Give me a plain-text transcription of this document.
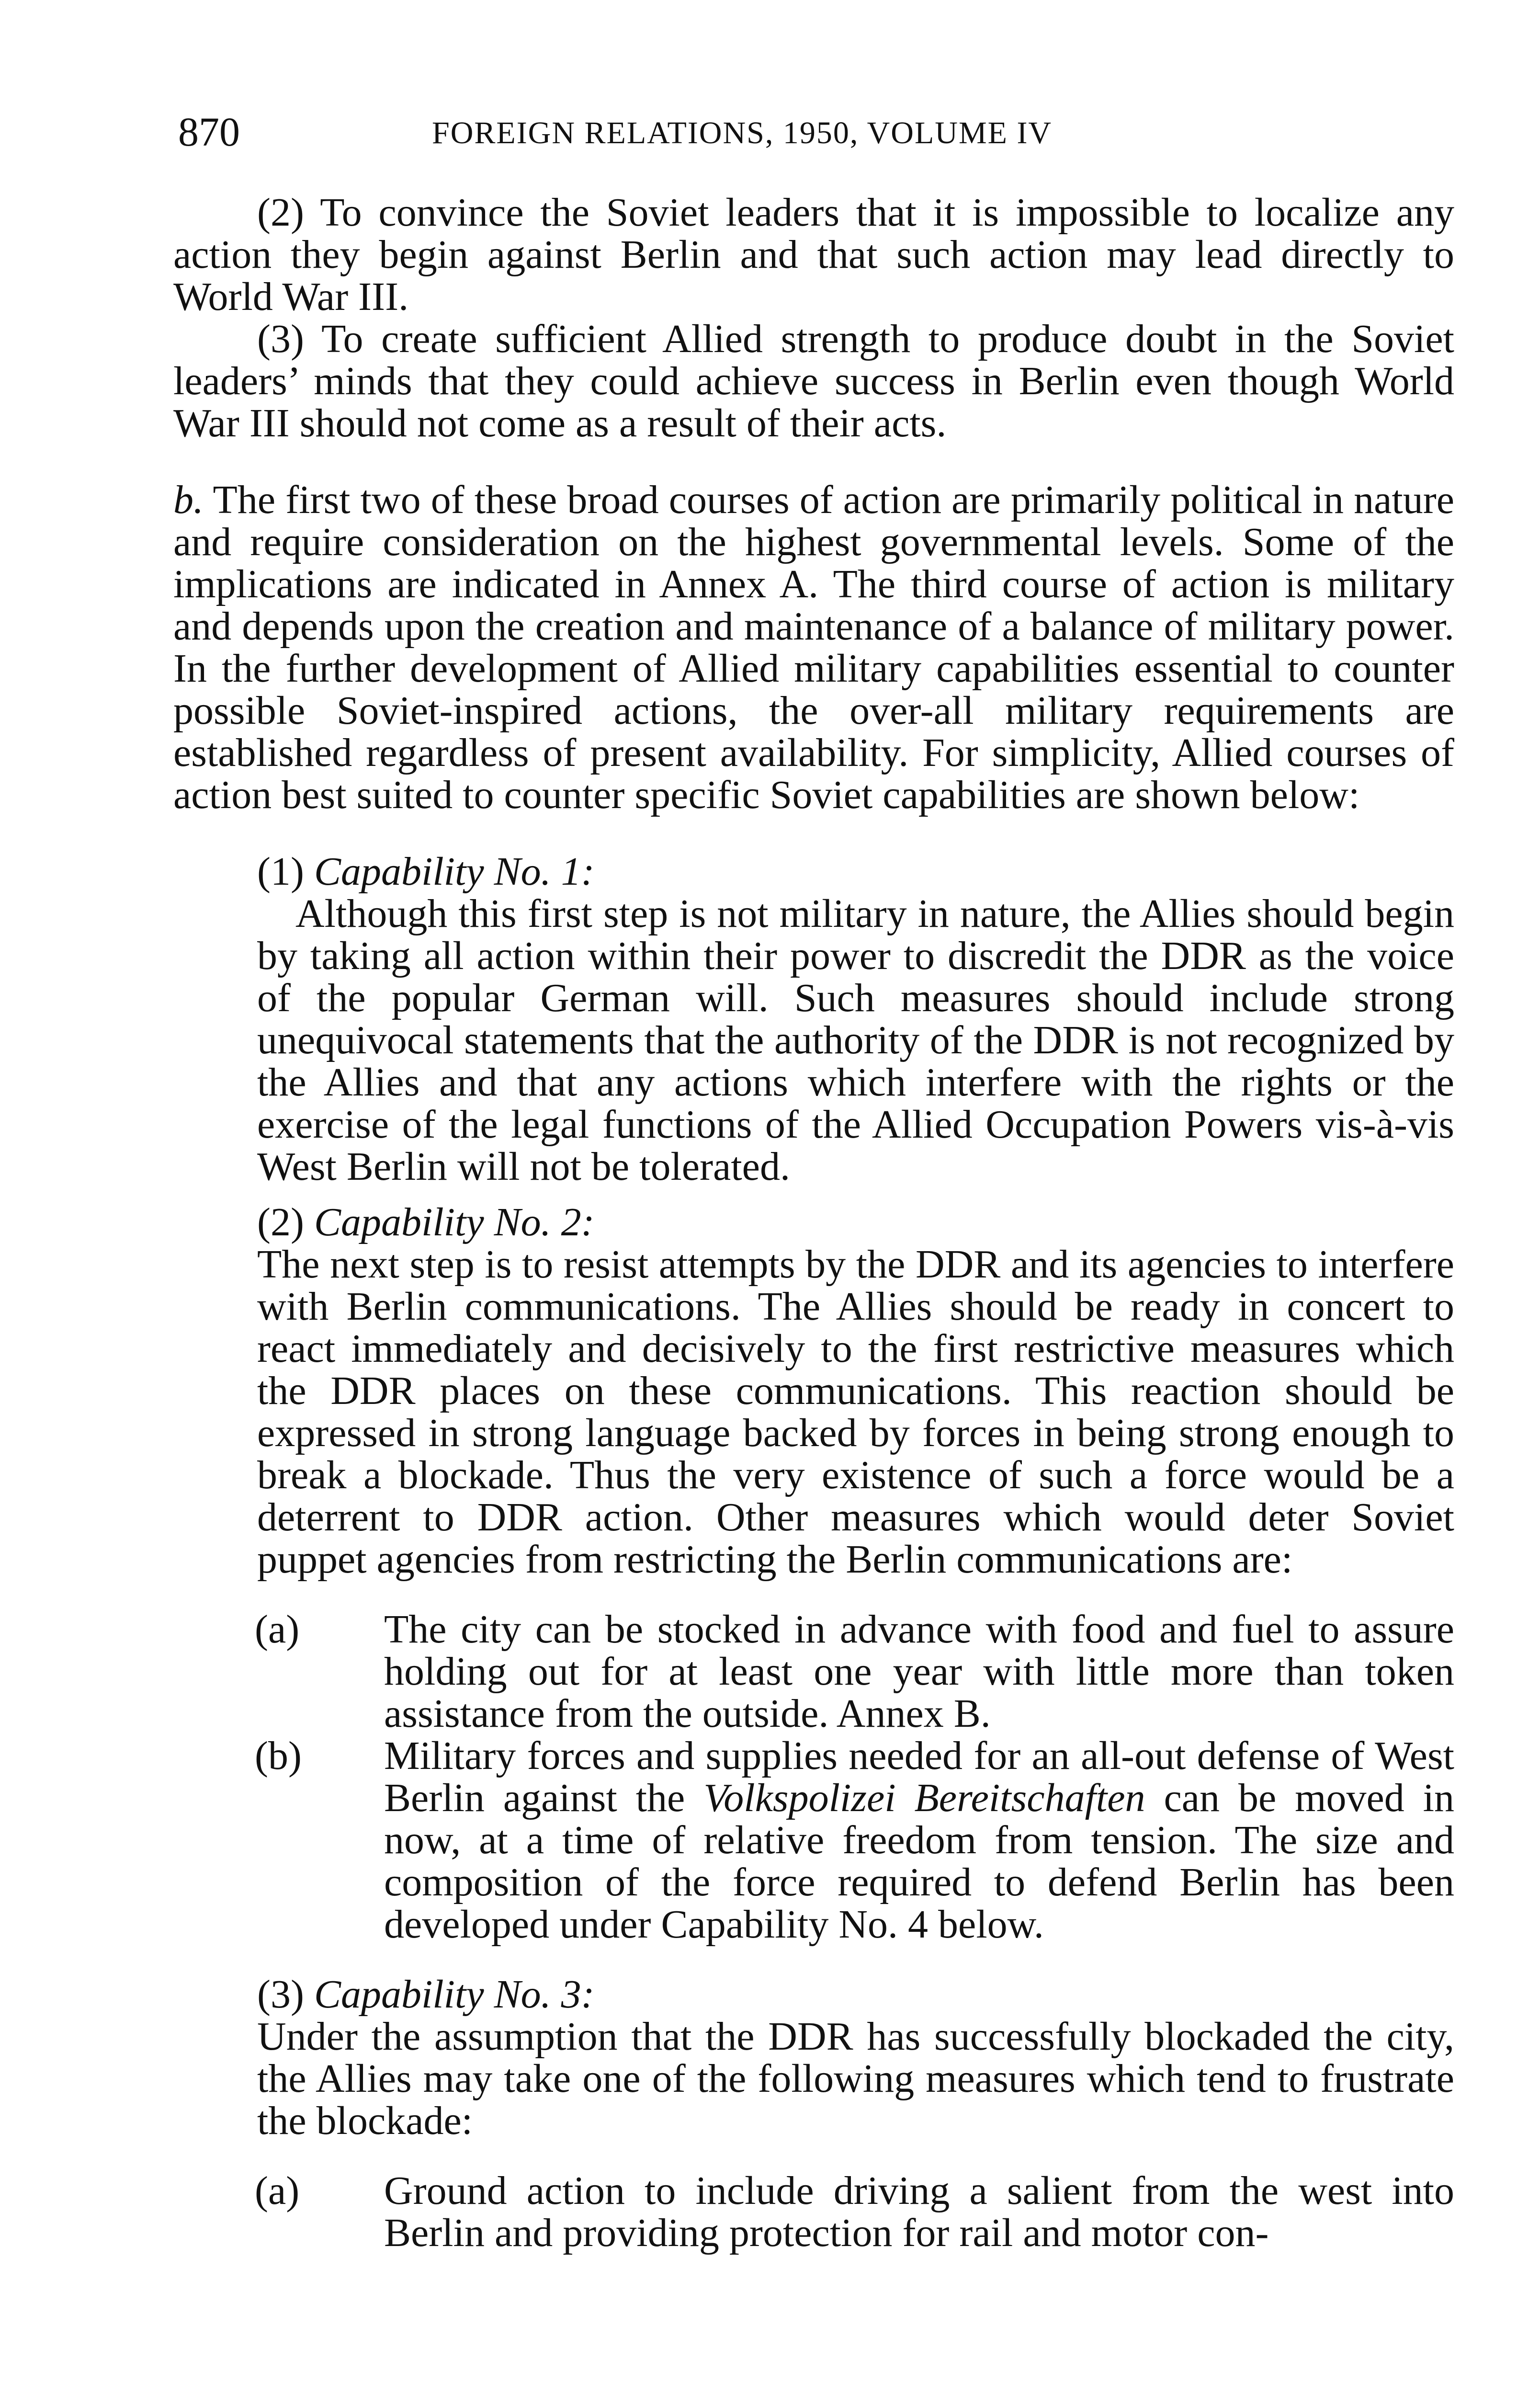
870	FOREIGN RELATIONS, 1950, VOLUME IV

(2) To convince the Soviet leaders that it is impossible to localize any action they begin against Berlin and that such action may lead directly to World War III.

(3) To create sufficient Allied strength to produce doubt in the Soviet leaders’ minds that they could achieve success in Berlin even though World War III should not come as a result of their acts.

b. The first two of these broad courses of action are primarily political in nature and require consideration on the highest governmental levels. Some of the implications are indicated in Annex A. The third course of action is military and depends upon the creation and maintenance of a balance of military power. In the further development of Allied military capabilities essential to counter possible Soviet-inspired actions, the over-all military requirements are established regardless of present availability. For simplicity, Allied courses of action best suited to counter specific Soviet capabilities are shown below:

(1) Capability No. 1:

Although this first step is not military in nature, the Allies should begin by taking all action within their power to discredit the DDR as the voice of the popular German will. Such measures should include strong unequivocal statements that the authority of the DDR is not recognized by the Allies and that any actions which interfere with the rights or the exercise of the legal functions of the Allied Occupation Powers vis-à-vis West Berlin will not be tolerated.

(2) Capability No. 2:

The next step is to resist attempts by the DDR and its agencies to interfere with Berlin communications. The Allies should be ready in concert to react immediately and decisively to the first restrictive measures which the DDR places on these communications. This reaction should be expressed in strong language backed by forces in being strong enough to break a blockade. Thus the very existence of such a force would be a deterrent to DDR action. Other measures which would deter Soviet puppet agencies from restricting the Berlin communications are:

(a) The city can be stocked in advance with food and fuel to assure holding out for at least one year with little more than token assistance from the outside. Annex B.

(b) Military forces and supplies needed for an all-out defense of West Berlin against the Volkspolizei Bereitschaften can be moved in now, at a time of relative freedom from tension. The size and composition of the force required to defend Berlin has been developed under Capability No. 4 below.

(3) Capability No. 3:

Under the assumption that the DDR has successfully blockaded the city, the Allies may take one of the following measures which tend to frustrate the blockade:

(a) Ground action to include driving a salient from the west into Berlin and providing protection for rail and motor con-
